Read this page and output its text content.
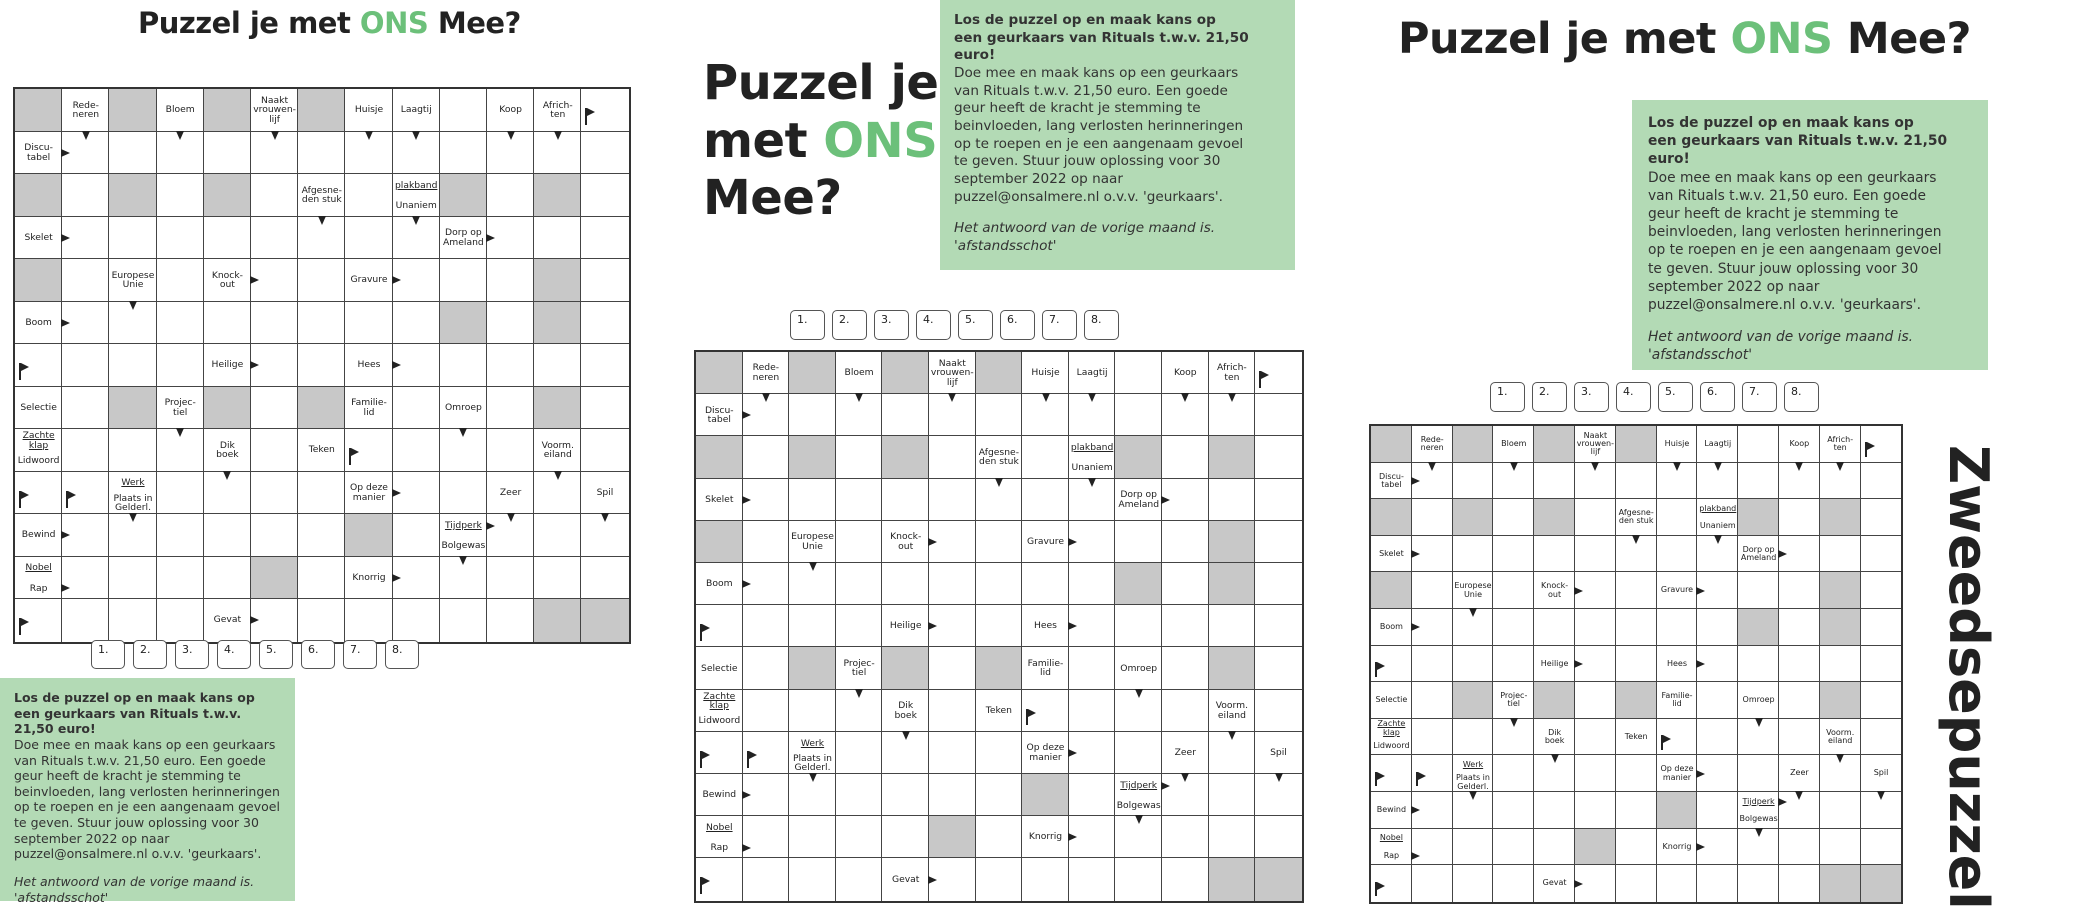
Puzzel je met ONS Mee?
Rede-
neren	Bloem
Naakt
vrouwen-
lijf
Huisje	Laagtij	Koop	Africh-
ten
Discu-
tabel
Afgesne-
den stuk
plakband
Unaniem
Skelet	Dorp op
Ameland
Europese
Unie
Knock-
out	Gravure
Boom
Heilige	Hees
Selectie	Projec-
tiel
Familie-
lid	Omroep
Zachte
klap
Lidwoord
Dik
boek	Teken	Voorm.
eiland
Werk
Plaats in
Gelderl.
Op deze
manier	Zeer	Spil
Bewind
Tijdperk
Bolgewas
Nobel
Rap
Knorrig
Gevat
1.	2.	3.	4.	5.	6.	7.	8.
Los de puzzel op en maak kans op
een geurkaars van Rituals t.w.v. 21,50 euro!
Doe mee en maak kans op een geurkaars
van Rituals t.w.v. 21,50 euro. Een goede
geur heeft de kracht je stemming te
beinvloeden, lang verlosten herinneringen
op te roepen en je een aangenaam gevoel
te geven. Stuur jouw oplossing voor 30
september 2022 op naar
puzzel@onsalmere.nl o.v.v. 'geurkaars'.
Het antwoord van de vorige maand is.
'afstandsschot'
Puzzel je
met ONS
Mee?
Los de puzzel op en maak kans op
een geurkaars van Rituals t.w.v. 21,50 euro!
Doe mee en maak kans op een geurkaars
van Rituals t.w.v. 21,50 euro. Een goede
geur heeft de kracht je stemming te
beinvloeden, lang verlosten herinneringen
op te roepen en je een aangenaam gevoel
te geven. Stuur jouw oplossing voor 30
september 2022 op naar
puzzel@onsalmere.nl o.v.v. 'geurkaars'.
Het antwoord van de vorige maand is.
'afstandsschot'
1.	2.	3.	4.	5.	6.	7.	8.
Rede-
neren	Bloem
Naakt
vrouwen-
lijf
Huisje	Laagtij	Koop	Africh-
ten
Discu-
tabel
Afgesne-
den stuk
plakband
Unaniem
Skelet	Dorp op
Ameland
Europese
Unie
Knock-
out	Gravure
Boom
Heilige	Hees
Selectie	Projec-
tiel
Familie-
lid	Omroep
Zachte
klap
Lidwoord
Dik
boek	Teken	Voorm.
eiland
Werk
Plaats in
Gelderl.
Op deze
manier	Zeer	Spil
Bewind
Tijdperk
Bolgewas
Nobel
Rap
Knorrig
Gevat
Puzzel je met ONS Mee?
Los de puzzel op en maak kans op
een geurkaars van Rituals t.w.v. 21,50 euro!
Doe mee en maak kans op een geurkaars
van Rituals t.w.v. 21,50 euro. Een goede
geur heeft de kracht je stemming te
beinvloeden, lang verlosten herinneringen
op te roepen en je een aangenaam gevoel
te geven. Stuur jouw oplossing voor 30
september 2022 op naar
puzzel@onsalmere.nl o.v.v. 'geurkaars'.
Het antwoord van de vorige maand is.
'afstandsschot'
1.	2.	3.	4.	5.	6.	7.	8.
Rede-
neren	Bloem
Naakt
vrouwen-
lijf
Huisje	Laagtij	Koop	Africh-
ten
Discu-
tabel
Afgesne-
den stuk
plakband
Unaniem
Skelet	Dorp op
Ameland
Europese
Unie
Knock-
out	Gravure
Boom
Heilige	Hees
Selectie	Projec-
tiel
Familie-
lid	Omroep
Zachte
klap
Lidwoord
Dik
boek	Teken	Voorm.
eiland
Werk
Plaats in
Gelderl.
Op deze
manier	Zeer	Spil
Bewind
Tijdperk
Bolgewas
Nobel
Rap
Knorrig
Gevat	Zweedsepuzzel
